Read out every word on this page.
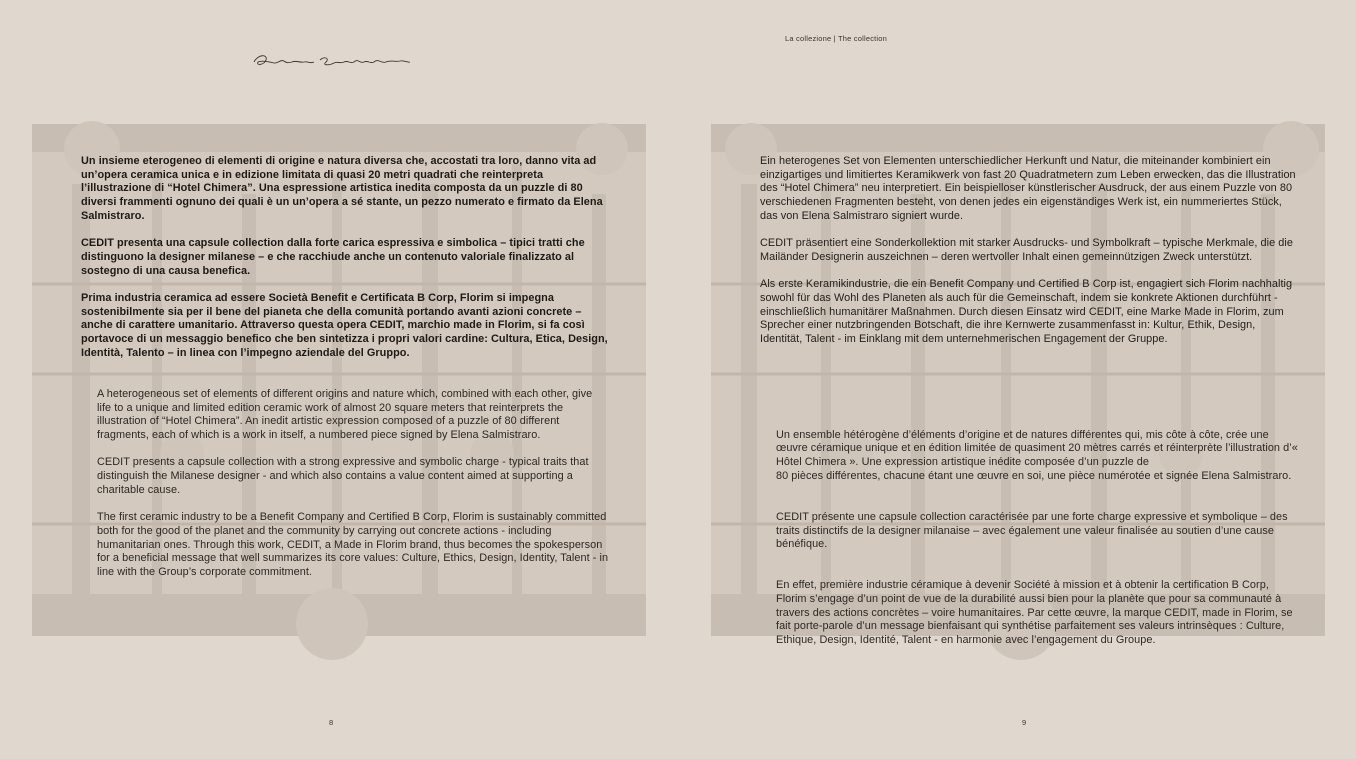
La collezione | The collection

Un insieme eterogeneo di elementi di origine e natura diversa che, accostati tra loro, danno vita ad un’opera ceramica unica e in edizione limitata di quasi 20 metri quadrati che reinterpreta l’illustrazione di “Hotel Chimera”. Una espressione artistica inedita composta da un puzzle di 80 diversi frammenti ognuno dei quali è un un’opera a sé stante, un pezzo numerato e firmato da Elena Salmistraro.

CEDIT presenta una capsule collection dalla forte carica espressiva e simbolica – tipici tratti che distinguono la designer milanese – e che racchiude anche un contenuto valoriale finalizzato al sostegno di una causa benefica.

Prima industria ceramica ad essere Società Benefit e Certificata B Corp, Florim si impegna sostenibilmente sia per il bene del pianeta che della comunità portando avanti azioni concrete – anche di carattere umanitario. Attraverso questa opera CEDIT, marchio made in Florim, si fa così portavoce di un messaggio benefico che ben sintetizza i propri valori cardine: Cultura, Etica, Design, Identità, Talento – in linea con l’impegno aziendale del Gruppo.

A heterogeneous set of elements of different origins and nature which, combined with each other, give life to a unique and limited edition ceramic work of almost 20 square meters that reinterprets the illustration of “Hotel Chimera”. An inedit artistic expression composed of a puzzle of 80 different fragments, each of which is a work in itself, a numbered piece signed by Elena Salmistraro.

CEDIT presents a capsule collection with a strong expressive and symbolic charge - typical traits that distinguish the Milanese designer - and which also contains a value content aimed at supporting a charitable cause.

The first ceramic industry to be a Benefit Company and Certified B Corp, Florim is sustainably committed both for the good of the planet and the community by carrying out concrete actions - including humanitarian ones. Through this work, CEDIT, a Made in Florim brand, thus becomes the spokesperson for a beneficial message that well summarizes its core values: Culture, Ethics, Design, Identity, Talent - in line with the Group’s corporate commitment.

Ein heterogenes Set von Elementen unterschiedlicher Herkunft und Natur, die miteinander kombiniert ein einzigartiges und limitiertes Keramikwerk von fast 20 Quadratmetern zum Leben erwecken, das die Illustration des “Hotel Chimera” neu interpretiert. Ein beispielloser künstlerischer Ausdruck, der aus einem Puzzle von 80 verschiedenen Fragmenten besteht, von denen jedes ein eigenständiges Werk ist, ein nummeriertes Stück, das von Elena Salmistraro signiert wurde.

CEDIT präsentiert eine Sonderkollektion mit starker Ausdrucks- und Symbolkraft – typische Merkmale, die die Mailänder Designerin auszeichnen – deren wertvoller Inhalt einen gemeinnützigen Zweck unterstützt.

Als erste Keramikindustrie, die ein Benefit Company und Certified B Corp ist, engagiert sich Florim nachhaltig sowohl für das Wohl des Planeten als auch für die Gemeinschaft, indem sie konkrete Aktionen durchführt - einschließlich humanitärer Maßnahmen. Durch diesen Einsatz wird CEDIT, eine Marke Made in Florim, zum Sprecher einer nutzbringenden Botschaft, die ihre Kernwerte zusammenfasst in: Kultur, Ethik, Design, Identität, Talent - im Einklang mit dem unternehmerischen Engagement der Gruppe.

Un ensemble hétérogène d’éléments d’origine et de natures différentes qui, mis côte à côte, crée une œuvre céramique unique et en édition limitée de quasiment 20 mètres carrés et réinterprète l’illustration d’« Hôtel Chimera ». Une expression artistique inédite composée d’un puzzle de
80 pièces différentes, chacune étant une œuvre en soi, une pièce numérotée et signée Elena Salmistraro.

CEDIT présente une capsule collection caractérisée par une forte charge expressive et symbolique – des traits distinctifs de la designer milanaise – avec également une valeur finalisée au soutien d’une cause bénéfique.

En effet, première industrie céramique à devenir Société à mission et à obtenir la certification B Corp, Florim s’engage d’un point de vue de la durabilité aussi bien pour la planète que pour sa communauté à travers des actions concrètes – voire humanitaires. Par cette œuvre, la marque CEDIT, made in Florim, se fait porte-parole d’un message bienfaisant qui synthétise parfaitement ses valeurs intrinsèques : Culture, Ethique, Design, Identité, Talent - en harmonie avec l’engagement du Groupe.

8	9
